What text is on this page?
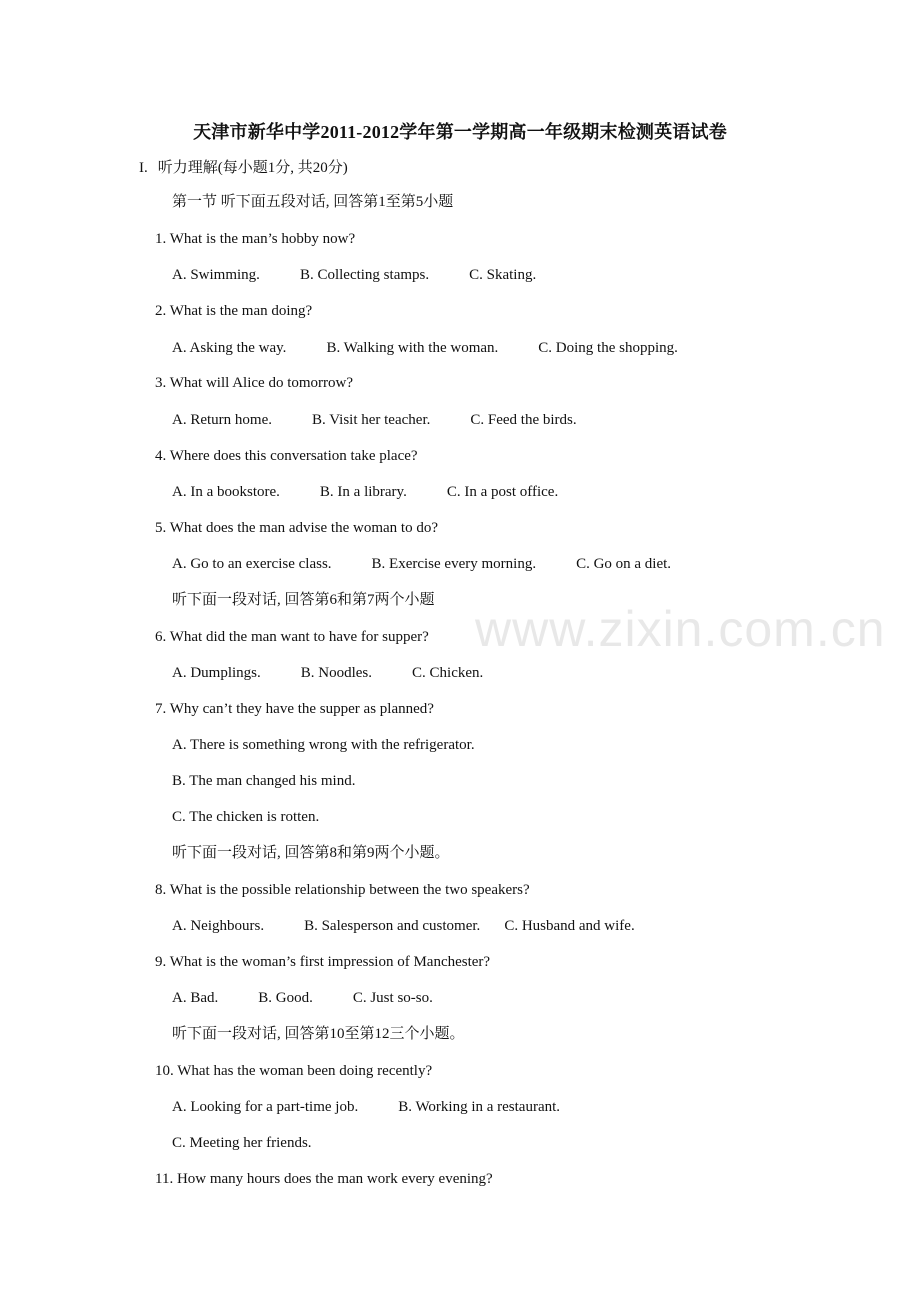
天津市新华中学2011-2012学年第一学期高一年级期末检测英语试卷
I. 听力理解(每小题1分, 共20分)
第一节 听下面五段对话, 回答第1至第5小题
1. What is the man’s hobby now?
A. Swimming.	B. Collecting stamps.	C. Skating.
2. What is the man doing?
A. Asking the way.	B. Walking with the woman.	C. Doing the shopping.
3. What will Alice do tomorrow?
A. Return home.	B. Visit her teacher.	C. Feed the birds.
4. Where does this conversation take place?
A. In a bookstore.	B. In a library.	C. In a post office.
5. What does the man advise the woman to do?
A. Go to an exercise class.	B. Exercise every morning.	C. Go on a diet.
听下面一段对话, 回答第6和第7两个小题
6. What did the man want to have for supper?
A. Dumplings.	B. Noodles.	C. Chicken.
7. Why can’t they have the supper as planned?
A. There is something wrong with the refrigerator.
B. The man changed his mind.
C. The chicken is rotten.
听下面一段对话, 回答第8和第9两个小题。
8. What is the possible relationship between the two speakers?
A. Neighbours.	B. Salesperson and customer. C. Husband and wife.
9. What is the woman’s first impression of Manchester?
A. Bad.	B. Good.	C. Just so-so.
听下面一段对话, 回答第10至第12三个小题。
10. What has the woman been doing recently?
A. Looking for a part-time job.	B. Working in a restaurant.
C. Meeting her friends.
11. How many hours does the man work every evening?
www.zixin.com.cn
